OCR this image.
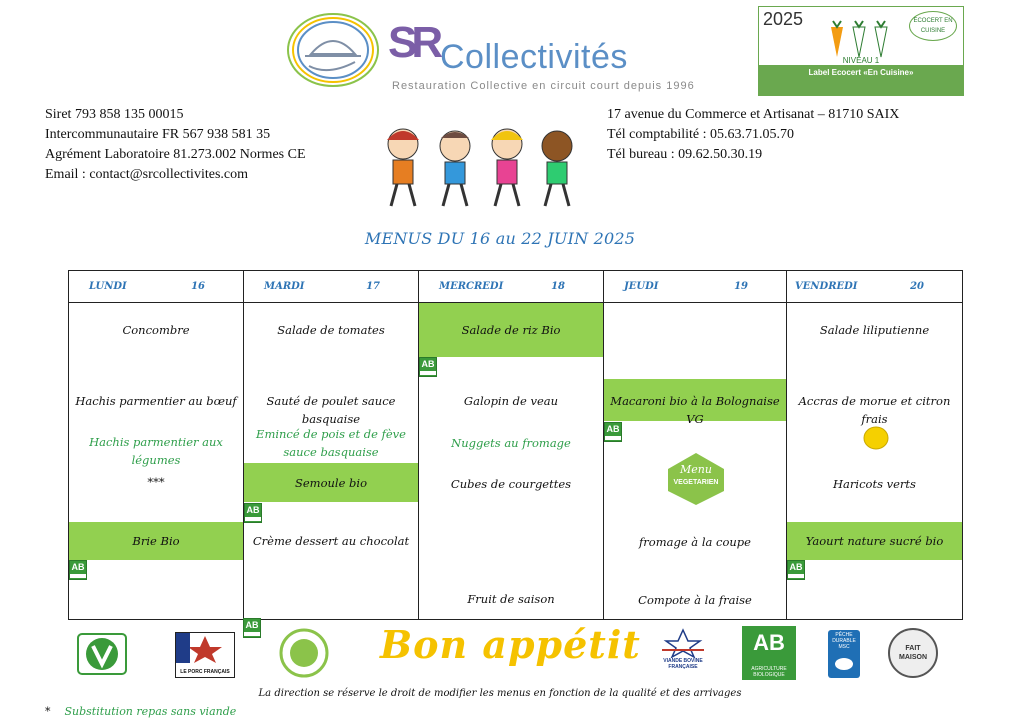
SR Collectivités
Restauration Collective en circuit court depuis 1996
2025	ECOCERT EN CUISINE
NIVEAU 1
Label Ecocert «En Cuisine»
Siret 793 858 135 00015
Intercommunautaire FR 567 938 581 35
Agrément Laboratoire 81.273.002 Normes CE
Email : contact@srcollectivites.com
17 avenue du Commerce et Artisanat – 81710 SAIX
Tél comptabilité : 05.63.71.05.70
Tél bureau : 09.62.50.30.19
MENUS DU 16 au 22 JUIN 2025
LUNDI	16
Concombre
Hachis parmentier au bœuf
Hachis parmentier aux légumes
***
Brie Bio
AB

MARDI	17
Salade de tomates
Sauté de poulet sauce basquaise
Emincé de pois et de fève sauce basquaise
Semoule bio
AB

Crème dessert au chocolat
MERCREDI	18
Salade de riz Bio
AB

Galopin de veau
Nuggets au fromage
Cubes de courgettes
Fruit de saison
JEUDI	19
Macaroni bio à la Bolognaise VG
AB

Menu
VEGETARIEN
fromage à la coupe
Compote à la fraise
VENDREDI	20
Salade liliputienne
Accras de morue et citron frais
Haricots verts
Yaourt nature sucré bio
AB

AB

LE PORC FRANÇAIS
Bon appétit	VIANDE BOVINE FRANÇAISE
AB
AGRICULTURE BIOLOGIQUE
PÊCHE DURABLE MSC	FAIT MAISON
La direction se réserve le droit de modifier les menus en fonction de la qualité et des arrivages
* Substitution repas sans viande
